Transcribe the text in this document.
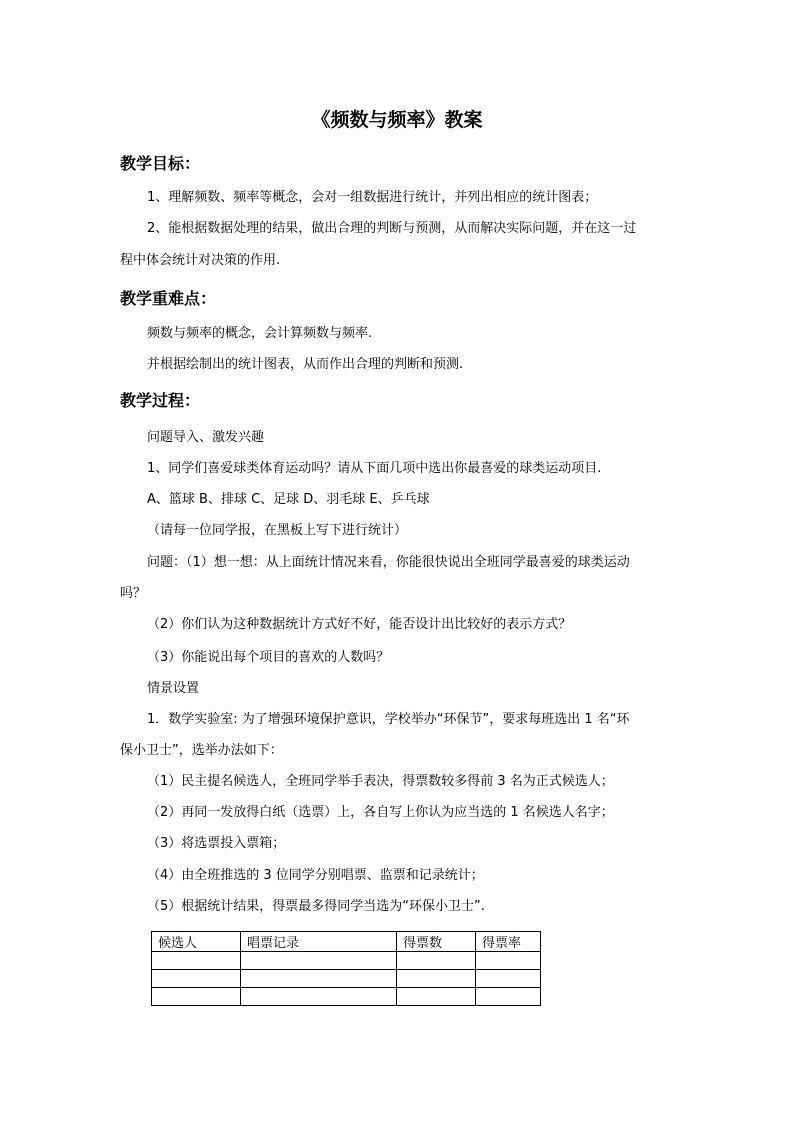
《频数与频率》教案
教学目标：
1、理解频数、频率等概念，会对一组数据进行统计，并列出相应的统计图表；
2、能根据数据处理的结果，做出合理的判断与预测，从而解决实际问题，并在这一过
程中体会统计对决策的作用.
教学重难点：
频数与频率的概念，会计算频数与频率.
并根据绘制出的统计图表，从而作出合理的判断和预测.
教学过程：
问题导入、激发兴趣
1、同学们喜爱球类体育运动吗？请从下面几项中选出你最喜爱的球类运动项目.
A、篮球 B、排球 C、足球 D、羽毛球 E、乒乓球
（请每一位同学报，在黑板上写下进行统计）
问题：（1）想一想：从上面统计情况来看，你能很快说出全班同学最喜爱的球类运动
吗？
（2）你们认为这种数据统计方式好不好，能否设计出比较好的表示方式？
（3）你能说出每个项目的喜欢的人数吗？
情景设置
1．数学实验室: 为了增强环境保护意识，学校举办“环保节”，要求每班选出 1 名“环
保小卫士”，选举办法如下：
（1）民主提名候选人，全班同学举手表决，得票数较多得前 3 名为正式候选人；
（2）再同一发放得白纸（选票）上，各自写上你认为应当选的 1 名候选人名字；
（3）将选票投入票箱；
（4）由全班推选的 3 位同学分别唱票、监票和记录统计；
（5）根据统计结果，得票最多得同学当选为“环保小卫士”.
候选人	唱票记录	得票数	得票率
